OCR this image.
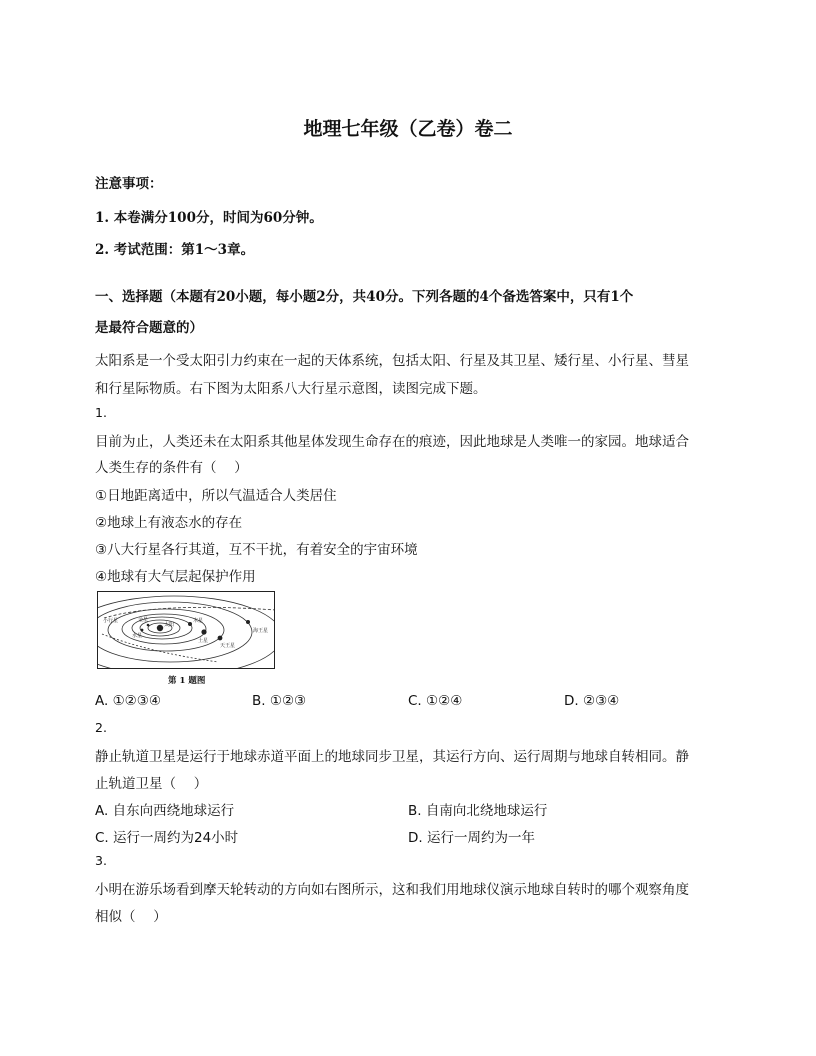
地理七年级（乙卷）卷二
注意事项：
1. 本卷满分100分，时间为60分钟。
2. 考试范围：第1～3章。
一、选择题（本题有20小题，每小题2分，共40分。下列各题的4个备选答案中，只有1个
是最符合题意的）
太阳系是一个受太阳引力约束在一起的天体系统，包括太阳、行星及其卫星、矮行星、小行星、彗星
和行星际物质。右下图为太阳系八大行星示意图，读图完成下题。
1.
目前为止，人类还未在太阳系其他星体发现生命存在的痕迹，因此地球是人类唯一的家园。地球适合
人类生存的条件有（　 ）
①日地距离适中，所以气温适合人类居住
②地球上有液态水的存在
③八大行星各行其道，互不干扰，有着安全的宇宙环境
④地球有大气层起保护作用
小行星
水星
金星
太阳
木星
土星
天王星
海王星
第 1 题图
A. ①②③④	B. ①②③	C. ①②④	D. ②③④
2.
静止轨道卫星是运行于地球赤道平面上的地球同步卫星，其运行方向、运行周期与地球自转相同。静
止轨道卫星（　 ）
A. 自东向西绕地球运行	B. 自南向北绕地球运行
C. 运行一周约为24小时	D. 运行一周约为一年
3.
小明在游乐场看到摩天轮转动的方向如右图所示，这和我们用地球仪演示地球自转时的哪个观察角度
相似（　 ）
